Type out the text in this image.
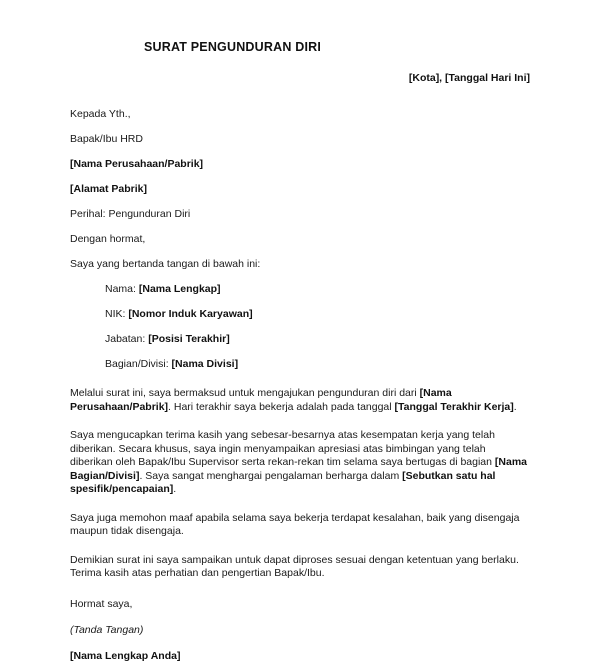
SURAT PENGUNDURAN DIRI

[Kota], [Tanggal Hari Ini]

Kepada Yth.,

Bapak/Ibu HRD

[Nama Perusahaan/Pabrik]

[Alamat Pabrik]

Perihal: Pengunduran Diri

Dengan hormat,

Saya yang bertanda tangan di bawah ini:

Nama: [Nama Lengkap]
NIK: [Nomor Induk Karyawan]
Jabatan: [Posisi Terakhir]
Bagian/Divisi: [Nama Divisi]

Melalui surat ini, saya bermaksud untuk mengajukan pengunduran diri dari [Nama Perusahaan/Pabrik]. Hari terakhir saya bekerja adalah pada tanggal [Tanggal Terakhir Kerja].

Saya mengucapkan terima kasih yang sebesar-besarnya atas kesempatan kerja yang telah diberikan. Secara khusus, saya ingin menyampaikan apresiasi atas bimbingan yang telah diberikan oleh Bapak/Ibu Supervisor serta rekan-rekan tim selama saya bertugas di bagian [Nama Bagian/Divisi]. Saya sangat menghargai pengalaman berharga dalam [Sebutkan satu hal spesifik/pencapaian].

Saya juga memohon maaf apabila selama saya bekerja terdapat kesalahan, baik yang disengaja maupun tidak disengaja.

Demikian surat ini saya sampaikan untuk dapat diproses sesuai dengan ketentuan yang berlaku. Terima kasih atas perhatian dan pengertian Bapak/Ibu.

Hormat saya,

(Tanda Tangan)

[Nama Lengkap Anda]
